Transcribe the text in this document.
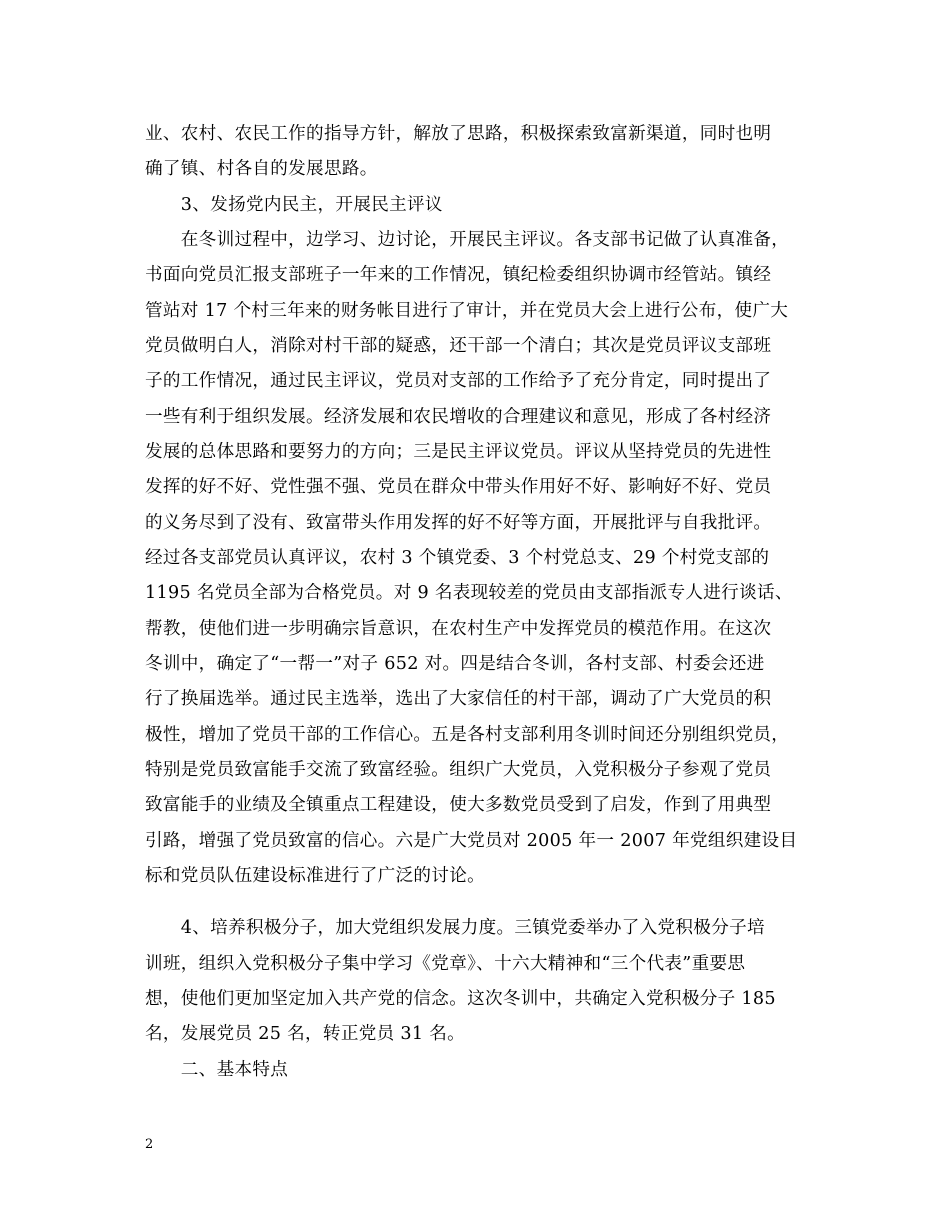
业、农村、农民工作的指导方针，解放了思路，积极探索致富新渠道，同时也明
确了镇、村各自的发展思路。
　　3、发扬党内民主，开展民主评议
　　在冬训过程中，边学习、边讨论，开展民主评议。各支部书记做了认真准备，
书面向党员汇报支部班子一年来的工作情况，镇纪检委组织协调市经管站。镇经
管站对 17 个村三年来的财务帐目进行了审计，并在党员大会上进行公布，使广大
党员做明白人，消除对村干部的疑惑，还干部一个清白；其次是党员评议支部班
子的工作情况，通过民主评议，党员对支部的工作给予了充分肯定，同时提出了
一些有利于组织发展。经济发展和农民增收的合理建议和意见，形成了各村经济
发展的总体思路和要努力的方向；三是民主评议党员。评议从坚持党员的先进性
发挥的好不好、党性强不强、党员在群众中带头作用好不好、影响好不好、党员
的义务尽到了没有、致富带头作用发挥的好不好等方面，开展批评与自我批评。
经过各支部党员认真评议，农村 3 个镇党委、3 个村党总支、29 个村党支部的
1195 名党员全部为合格党员。对 9 名表现较差的党员由支部指派专人进行谈话、
帮教，使他们进一步明确宗旨意识，在农村生产中发挥党员的模范作用。在这次
冬训中，确定了“一帮一”对子 652 对。四是结合冬训，各村支部、村委会还进
行了换届选举。通过民主选举，选出了大家信任的村干部，调动了广大党员的积
极性，增加了党员干部的工作信心。五是各村支部利用冬训时间还分别组织党员，
特别是党员致富能手交流了致富经验。组织广大党员，入党积极分子参观了党员
致富能手的业绩及全镇重点工程建设，使大多数党员受到了启发，作到了用典型
引路，增强了党员致富的信心。六是广大党员对 2005 年一 2007 年党组织建设目
标和党员队伍建设标准进行了广泛的讨论。
　　4、培养积极分子，加大党组织发展力度。三镇党委举办了入党积极分子培
训班，组织入党积极分子集中学习《党章》、十六大精神和“三个代表”重要思
想，使他们更加坚定加入共产党的信念。这次冬训中，共确定入党积极分子 185
名，发展党员 25 名，转正党员 31 名。
　　二、基本特点
2
